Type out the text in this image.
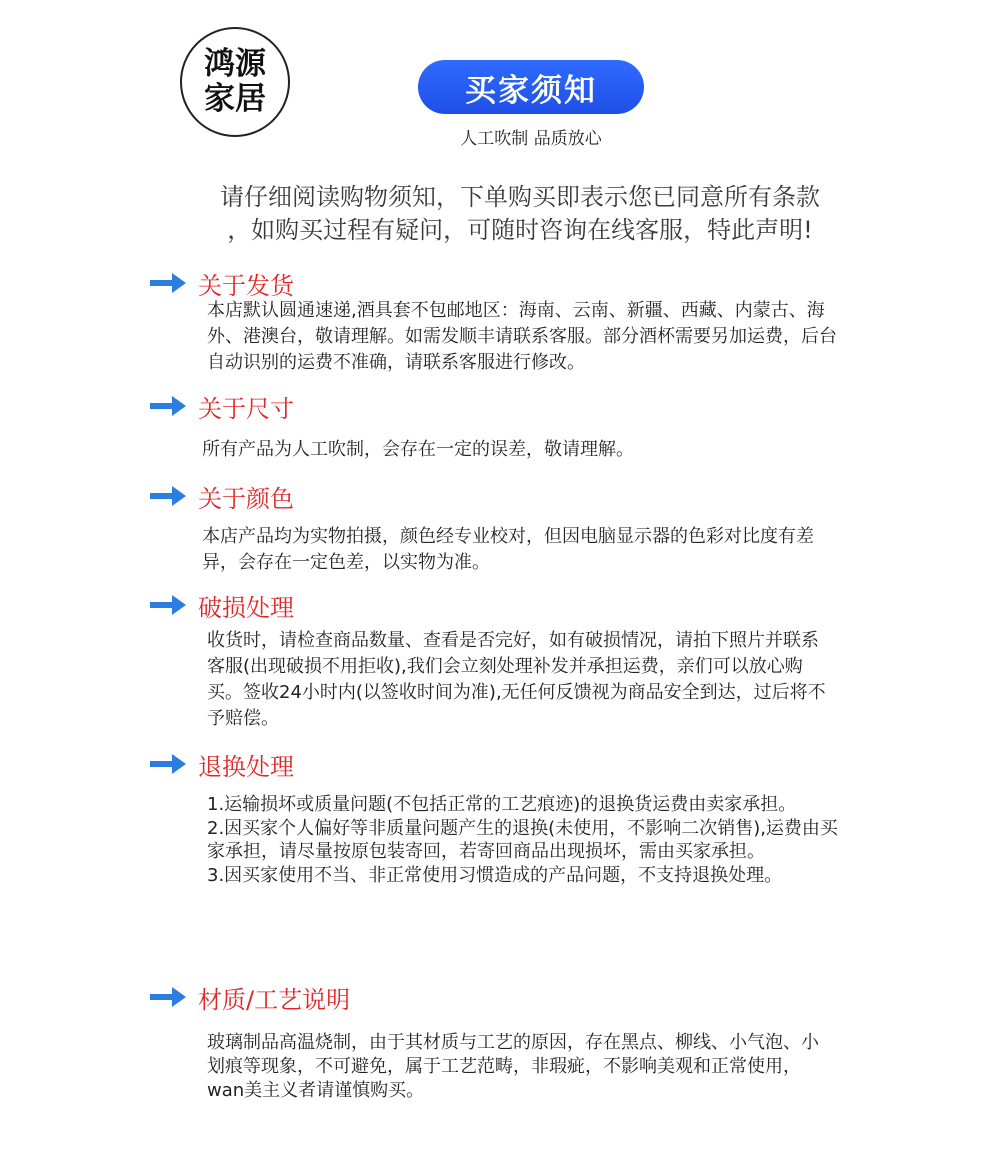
鸿源
家居	买家须知
人工吹制 品质放心
请仔细阅读购物须知，下单购买即表示您已同意所有条款
，如购买过程有疑问，可随时咨询在线客服，特此声明!
关于发货

本店默认圆通速递,酒具套不包邮地区：海南、云南、新疆、西藏、内蒙古、海外、港澳台，敬请理解。如需发顺丰请联系客服。部分酒杯需要另加运费，后台自动识别的运费不准确，请联系客服进行修改。

关于尺寸

所有产品为人工吹制，会存在一定的误差，敬请理解。

关于颜色

本店产品均为实物拍摄，颜色经专业校对，但因电脑显示器的色彩对比度有差异，会存在一定色差，以实物为准。

破损处理

收货时，请检查商品数量、查看是否完好，如有破损情况，请拍下照片并联系客服(出现破损不用拒收),我们会立刻处理补发并承担运费，亲们可以放心购买。签收24小时内(以签收时间为准),无任何反馈视为商品安全到达，过后将不予赔偿。

退换处理

1.运输损坏或质量问题(不包括正常的工艺痕迹)的退换货运费由卖家承担。

2.因买家个人偏好等非质量问题产生的退换(未使用，不影响二次销售),运费由买家承担，请尽量按原包装寄回，若寄回商品出现损坏，需由买家承担。

3.因买家使用不当、非正常使用习惯造成的产品问题，不支持退换处理。

材质/工艺说明

玻璃制品高温烧制，由于其材质与工艺的原因，存在黑点、柳线、小气泡、小划痕等现象，不可避免，属于工艺范畴，非瑕疵，不影响美观和正常使用，wan美主义者请谨慎购买。
